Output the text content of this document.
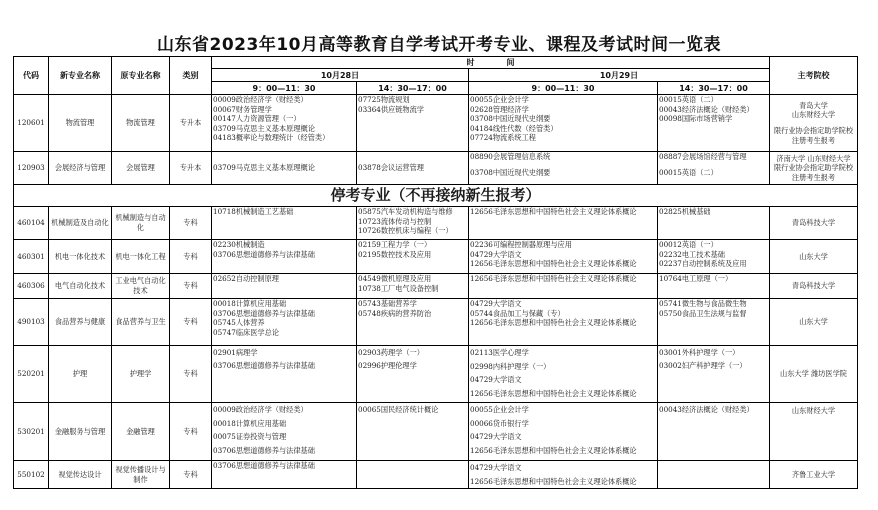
山东省2023年10月高等教育自学考试开考专业、课程及考试时间一览表
代码	新专业名称	原专业名称	类别	时　　　　间				主考院校
				10月28日		10月29日		
				9：00—11：30	14：30—17：00	9：00—11：30	14：30—17：00	
120601	物流管理	物流管理	专升本	00009政治经济学（财经类）
00067财务管理学
00147人力资源管理（一）
03709马克思主义基本原理概论
04183概率论与数理统计（经管类）	07725物流规划
03364供应链物流学	00055企业会计学
02628管理经济学
03708中国近现代史纲要
04184线性代数（经管类）
07724物流系统工程	00015英语（二）
00043经济法概论（财经类）
00098国际市场营销学	青岛大学
山东财经大学
限行业协会指定助学院校注册考生报考

120903	会展经济与管理	会展管理	专升本	03709马克思主义基本原理概论	03878会议运营管理	08890会展管理信息系统
03708中国近现代史纲要	08887会展场馆经营与管理
00015英语（二）	济南大学 山东财经大学
限行业协会指定助学院校注册考生报考

停考专业（不再接纳新生报考）								
460104	机械制造及自动化	机械制造与自动化	专科	10718机械制造工艺基础	05875汽车发动机构造与维修
10723流体传动与控制
10726数控机床与编程（一）	12656毛泽东思想和中国特色社会主义理论体系概论	02825机械基础	青岛科技大学

460301	机电一体化技术	机电一体化工程	专科	02230机械制造
03706思想道德修养与法律基础	02159工程力学（一）
02195数控技术及应用	02236可编程控制器原理与应用
04729大学语文
12656毛泽东思想和中国特色社会主义理论体系概论	00012英语（一）
02232电工技术基础
02237自动控制系统及应用	山东大学

460306	电气自动化技术	工业电气自动化技术	专科	02652自动控制原理	04549微机原理及应用
10738工厂电气设备控制	12656毛泽东思想和中国特色社会主义理论体系概论	10764电工原理（一）	青岛科技大学

490103	食品营养与健康	食品营养与卫生	专科	00018计算机应用基础
03706思想道德修养与法律基础
05745人体营养
05747临床医学总论	05743基础营养学
05748疾病的营养防治	04729大学语文
05744食品加工与保藏（专）
12656毛泽东思想和中国特色社会主义理论体系概论	05741微生物与食品微生物
05750食品卫生法规与监督	山东大学

520201	护理	护理学	专科	02901病理学
03706思想道德修养与法律基础	02903药理学（一）
02996护理伦理学	02113医学心理学
02998内科护理学（一）
04729大学语文
12656毛泽东思想和中国特色社会主义理论体系概论	03001外科护理学（一）
03002妇产科护理学（一）	山东大学 潍坊医学院

530201	金融服务与管理	金融管理	专科	00009政治经济学（财经类）
00018计算机应用基础
00075证券投资与管理
03706思想道德修养与法律基础	00065国民经济统计概论	00055企业会计学
00066货币银行学
04729大学语文
12656毛泽东思想和中国特色社会主义理论体系概论	00043经济法概论（财经类）	山东财经大学

550102	视觉传达设计	视觉传播设计与制作	专科	03706思想道德修养与法律基础		04729大学语文
12656毛泽东思想和中国特色社会主义理论体系概论		齐鲁工业大学
